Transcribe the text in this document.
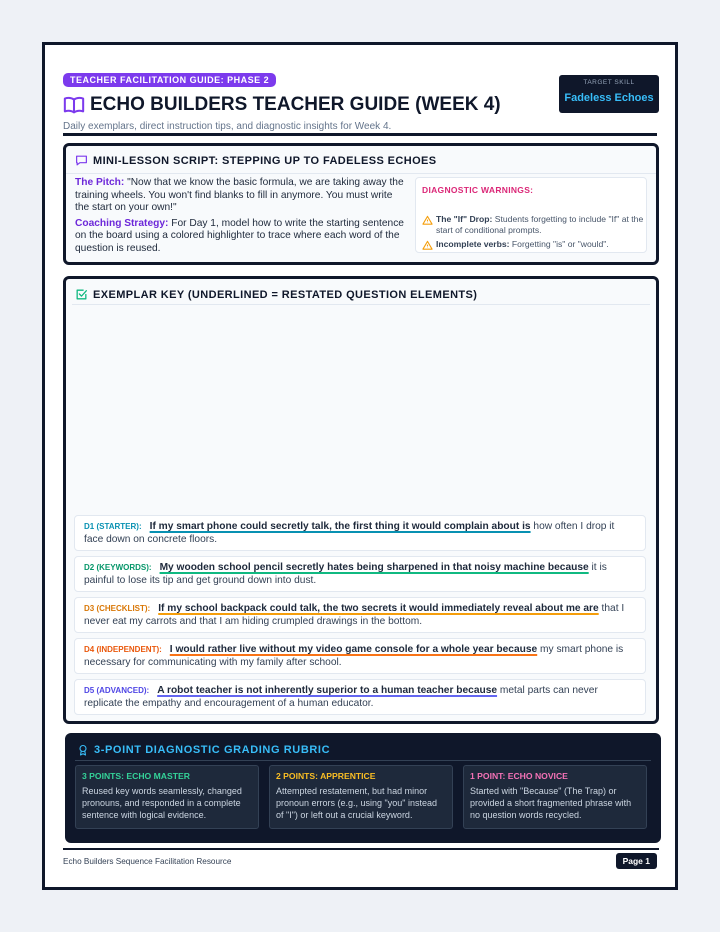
TEACHER FACILITATION GUIDE: PHASE 2
ECHO BUILDERS TEACHER GUIDE (WEEK 4)
Daily exemplars, direct instruction tips, and diagnostic insights for Week 4.
TARGET SKILL
Fadeless Echoes
MINI-LESSON SCRIPT: STEPPING UP TO FADELESS ECHOES

The Pitch: "Now that we know the basic formula, we are taking away the training wheels. You won't find blanks to fill in anymore. You must write the start on your own!"

Coaching Strategy: For Day 1, model how to write the starting sentence on the board using a colored highlighter to trace where each word of the question is reused.

DIAGNOSTIC WARNINGS:
The "If" Drop: Students forgetting to include "If" at the start of conditional prompts.
Incomplete verbs: Forgetting "is" or "would".
EXEMPLAR KEY (UNDERLINED = RESTATED QUESTION ELEMENTS)
D1 (STARTER): If my smart phone could secretly talk, the first thing it would complain about is how often I drop it face down on concrete floors.
D2 (KEYWORDS): My wooden school pencil secretly hates being sharpened in that noisy machine because it is painful to lose its tip and get ground down into dust.
D3 (CHECKLIST): If my school backpack could talk, the two secrets it would immediately reveal about me are that I never eat my carrots and that I am hiding crumpled drawings in the bottom.
D4 (INDEPENDENT): I would rather live without my video game console for a whole year because my smart phone is necessary for communicating with my family after school.
D5 (ADVANCED): A robot teacher is not inherently superior to a human teacher because metal parts can never replicate the empathy and encouragement of a human educator.
3-POINT DIAGNOSTIC GRADING RUBRIC
3 POINTS: ECHO MASTER
Reused key words seamlessly, changed pronouns, and responded in a complete sentence with logical evidence.
2 POINTS: APPRENTICE
Attempted restatement, but had minor pronoun errors (e.g., using "you" instead of "I") or left out a crucial keyword.
1 POINT: ECHO NOVICE
Started with "Because" (The Trap) or provided a short fragmented phrase with no question words recycled.
Echo Builders Sequence Facilitation Resource	Page 1
